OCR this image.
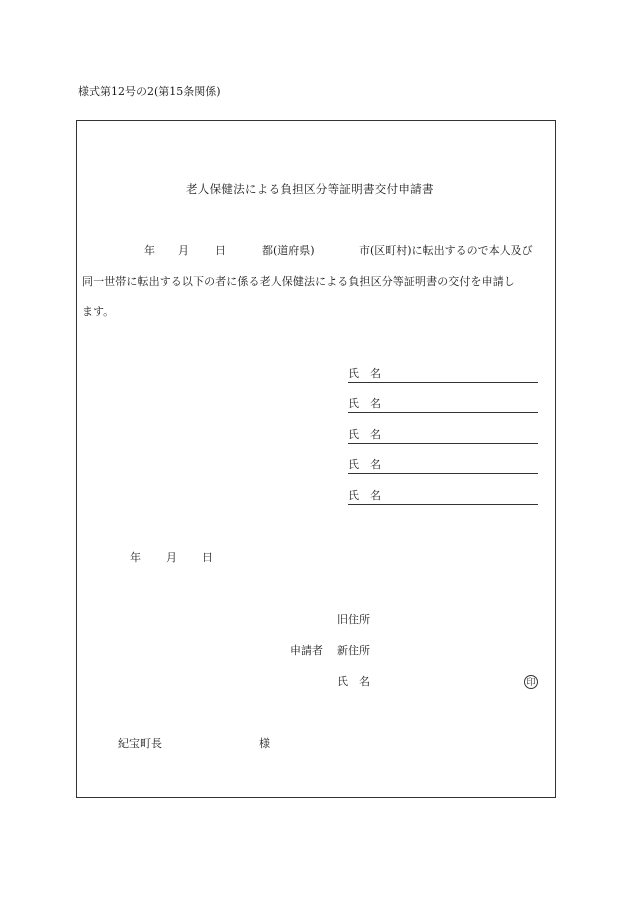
様式第12号の2(第15条関係)
老人保健法による負担区分等証明書交付申請書
年 月 日	都(道府県)	市(区町村)に転出するので本人及び
同一世帯に転出する以下の者に係る老人保健法による負担区分等証明書の交付を申請し
ます。
氏名
氏名
氏名
氏名
氏名
年 月 日
旧住所
申請者 新住所
氏　名	印
紀宝町長	様
